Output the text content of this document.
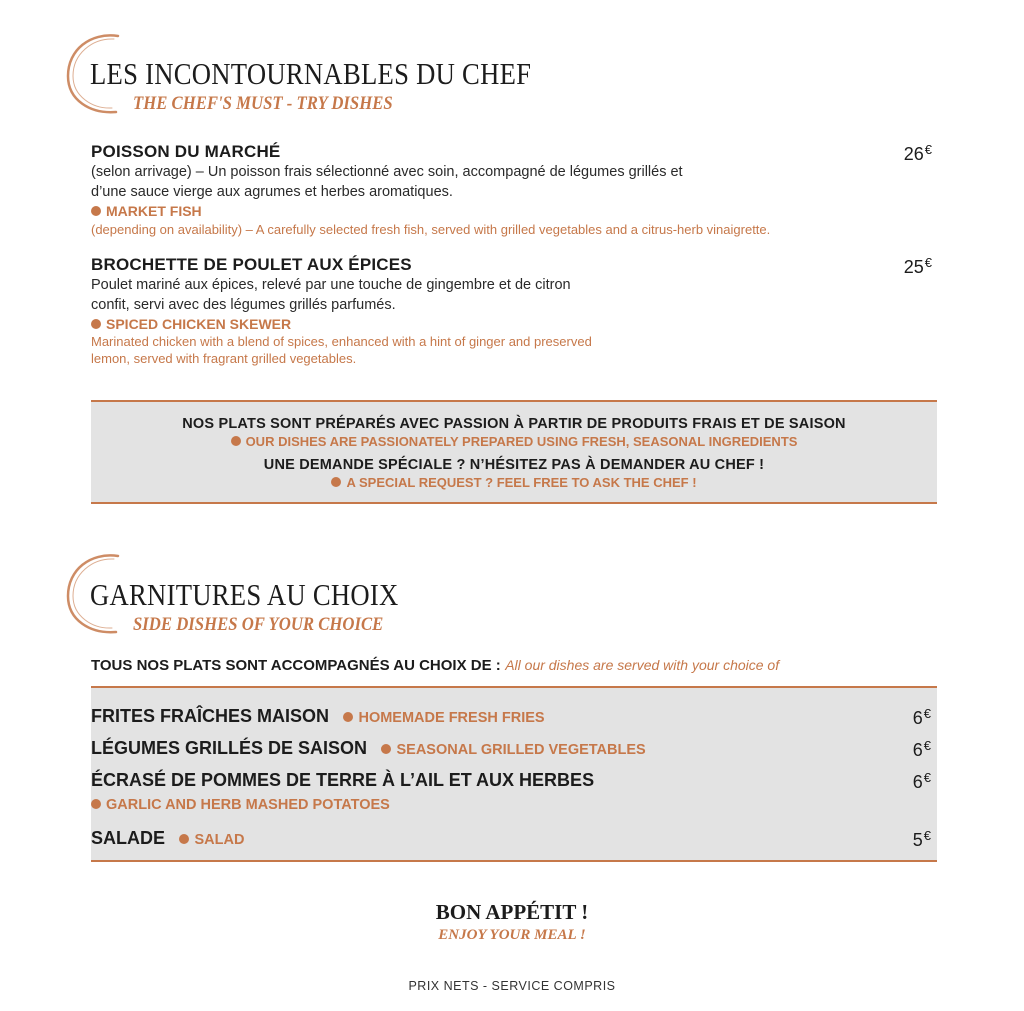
LES INCONTOURNABLES DU CHEF
THE CHEF'S MUST - TRY DISHES
POISSON DU MARCHÉ	26€
(selon arrivage) – Un poisson frais sélectionné avec soin, accompagné de légumes grillés et d’une sauce vierge aux agrumes et herbes aromatiques.
MARKET FISH
(depending on availability) – A carefully selected fresh fish, served with grilled vegetables and a citrus-herb vinaigrette.
BROCHETTE DE POULET AUX ÉPICES	25€
Poulet mariné aux épices, relevé par une touche de gingembre et de citron confit, servi avec des légumes grillés parfumés.
SPICED CHICKEN SKEWER
Marinated chicken with a blend of spices, enhanced with a hint of ginger and preserved lemon, served with fragrant grilled vegetables.
NOS PLATS SONT PRÉPARÉS AVEC PASSION À PARTIR DE PRODUITS FRAIS ET DE SAISON
OUR DISHES ARE PASSIONATELY PREPARED USING FRESH, SEASONAL INGREDIENTS
UNE DEMANDE SPÉCIALE ? N’HÉSITEZ PAS À DEMANDER AU CHEF !
A SPECIAL REQUEST ? FEEL FREE TO ASK THE CHEF !
GARNITURES AU CHOIX
SIDE DISHES OF YOUR CHOICE
TOUS NOS PLATS SONT ACCOMPAGNÉS AU CHOIX DE : All our dishes are served with your choice of
FRITES FRAÎCHES MAISON HOMEMADE FRESH FRIES	6€
LÉGUMES GRILLÉS DE SAISON SEASONAL GRILLED VEGETABLES	6€
ÉCRASÉ DE POMMES DE TERRE À L’AIL ET AUX HERBES	6€
GARLIC AND HERB MASHED POTATOES
SALADE SALAD	5€
BON APPÉTIT !
ENJOY YOUR MEAL !
PRIX NETS - SERVICE COMPRIS
